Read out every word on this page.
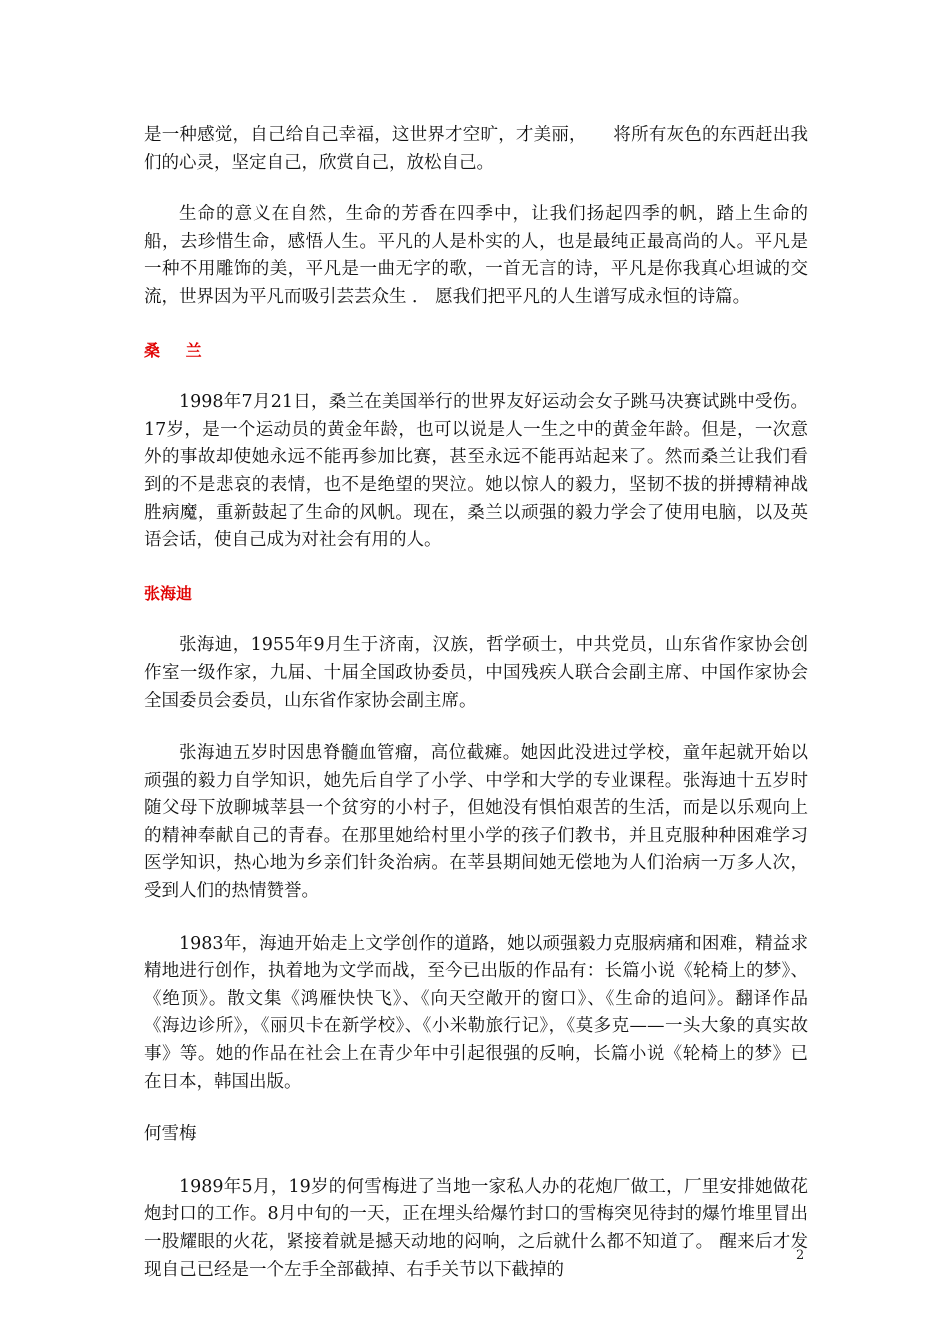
是一种感觉，自己给自己幸福，这世界才空旷，才美丽，　　将所有灰色的东西赶出我们的心灵，坚定自己，欣赏自己，放松自己。

生命的意义在自然，生命的芳香在四季中，让我们扬起四季的帆，踏上生命的船，去珍惜生命，感悟人生。平凡的人是朴实的人，也是最纯正最高尚的人。平凡是一种不用雕饰的美，平凡是一曲无字的歌，一首无言的诗，平凡是你我真心坦诚的交流，世界因为平凡而吸引芸芸众生 ． 愿我们把平凡的人生谱写成永恒的诗篇。

桑兰

1998年7月21日，桑兰在美国举行的世界友好运动会女子跳马决赛试跳中受伤。17岁，是一个运动员的黄金年龄，也可以说是人一生之中的黄金年龄。但是，一次意外的事故却使她永远不能再参加比赛，甚至永远不能再站起来了。然而桑兰让我们看到的不是悲哀的表情，也不是绝望的哭泣。她以惊人的毅力，坚韧不拔的拼搏精神战胜病魔，重新鼓起了生命的风帆。现在，桑兰以顽强的毅力学会了使用电脑，以及英语会话，使自己成为对社会有用的人。

张海迪

张海迪，1955年9月生于济南，汉族，哲学硕士，中共党员，山东省作家协会创作室一级作家，九届、十届全国政协委员，中国残疾人联合会副主席、中国作家协会全国委员会委员，山东省作家协会副主席。

张海迪五岁时因患脊髓血管瘤，高位截瘫。她因此没进过学校，童年起就开始以顽强的毅力自学知识，她先后自学了小学、中学和大学的专业课程。张海迪十五岁时随父母下放聊城莘县一个贫穷的小村子，但她没有惧怕艰苦的生活，而是以乐观向上的精神奉献自己的青春。在那里她给村里小学的孩子们教书，并且克服种种困难学习医学知识，热心地为乡亲们针灸治病。在莘县期间她无偿地为人们治病一万多人次，受到人们的热情赞誉。

1983年，海迪开始走上文学创作的道路，她以顽强毅力克服病痛和困难，精益求精地进行创作，执着地为文学而战，至今已出版的作品有：长篇小说《轮椅上的梦》、《绝顶》。散文集《鸿雁快快飞》、《向天空敞开的窗口》、《生命的追问》。翻译作品《海边诊所》，《丽贝卡在新学校》、《小米勒旅行记》，《莫多克——一头大象的真实故事》等。她的作品在社会上在青少年中引起很强的反响，长篇小说《轮椅上的梦》已在日本，韩国出版。

何雪梅

1989年5月，19岁的何雪梅进了当地一家私人办的花炮厂做工，厂里安排她做花炮封口的工作。8月中旬的一天，正在埋头给爆竹封口的雪梅突见待封的爆竹堆里冒出一股耀眼的火花，紧接着就是撼天动地的闷响，之后就什么都不知道了。 醒来后才发现自己已经是一个左手全部截掉、右手关节以下截掉的

2
